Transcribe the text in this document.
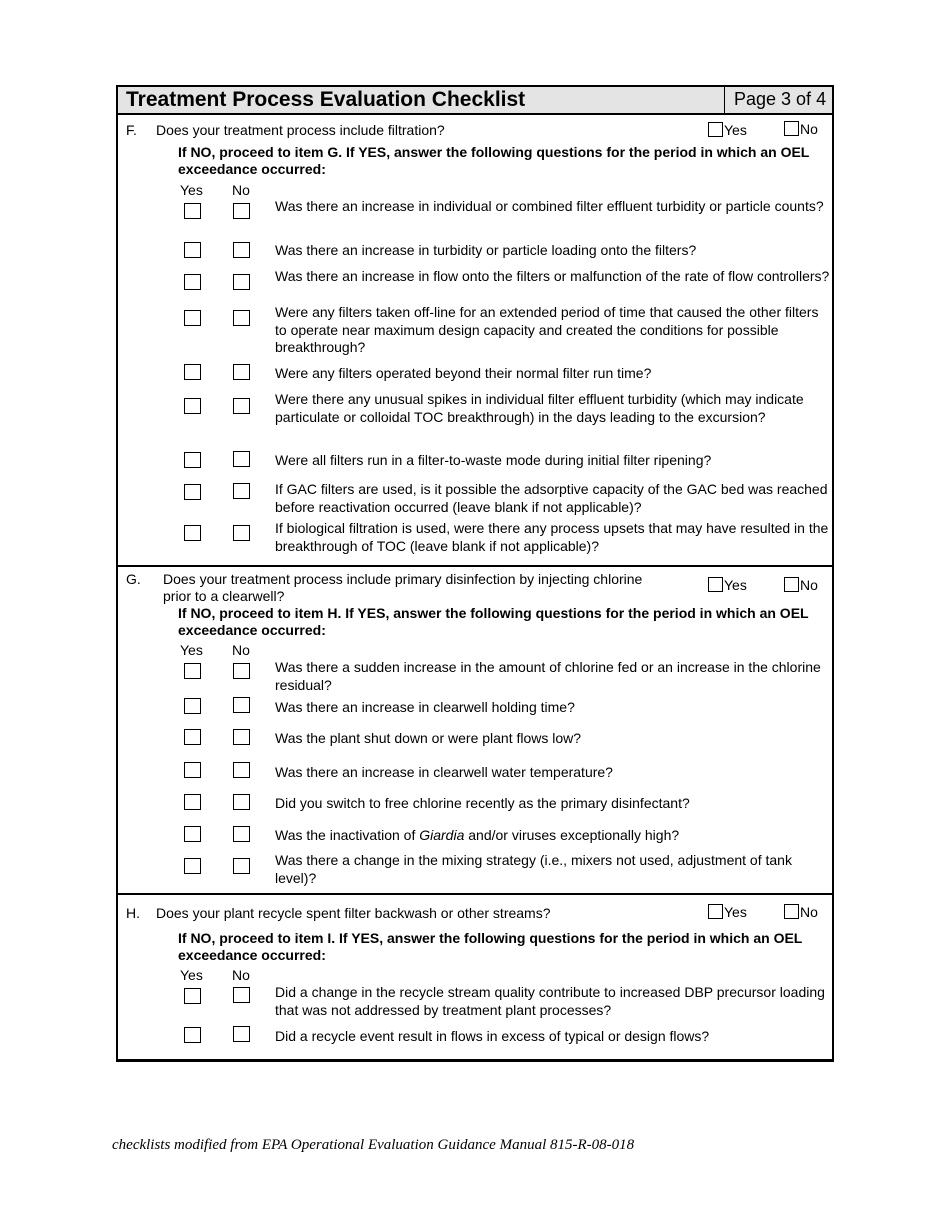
Treatment Process Evaluation Checklist	Page 3 of 4
F. Does your treatment process include filtration?	Yes	No
If NO, proceed to item G. If YES, answer the following questions for the period in which an OEL exceedance occurred:
Yes No
Was there an increase in individual or combined filter effluent turbidity or particle counts?
Was there an increase in turbidity or particle loading onto the filters?
Was there an increase in flow onto the filters or malfunction of the rate of flow controllers?
Were any filters taken off-line for an extended period of time that caused the other filters to operate near maximum design capacity and created the conditions for possible breakthrough?
Were any filters operated beyond their normal filter run time?
Were there any unusual spikes in individual filter effluent turbidity (which may indicate particulate or colloidal TOC breakthrough) in the days leading to the excursion?
Were all filters run in a filter-to-waste mode during initial filter ripening?
If GAC filters are used, is it possible the adsorptive capacity of the GAC bed was reached before reactivation occurred (leave blank if not applicable)?
If biological filtration is used, were there any process upsets that may have resulted in the breakthrough of TOC (leave blank if not applicable)?
G. Does your treatment process include primary disinfection by injecting chlorine
prior to a clearwell?
Yes	No
If NO, proceed to item H. If YES, answer the following questions for the period in which an OEL exceedance occurred:
Yes No
Was there a sudden increase in the amount of chlorine fed or an increase in the chlorine residual?
Was there an increase in clearwell holding time?
Was the plant shut down or were plant flows low?
Was there an increase in clearwell water temperature?
Did you switch to free chlorine recently as the primary disinfectant?
Was the inactivation of Giardia and/or viruses exceptionally high?
Was there a change in the mixing strategy (i.e., mixers not used, adjustment of tank level)?
H. Does your plant recycle spent filter backwash or other streams?	Yes	No
If NO, proceed to item I. If YES, answer the following questions for the period in which an OEL exceedance occurred:
Yes No
Did a change in the recycle stream quality contribute to increased DBP precursor loading that was not addressed by treatment plant processes?
Did a recycle event result in flows in excess of typical or design flows?
checklists modified from EPA Operational Evaluation Guidance Manual 815-R-08-018
